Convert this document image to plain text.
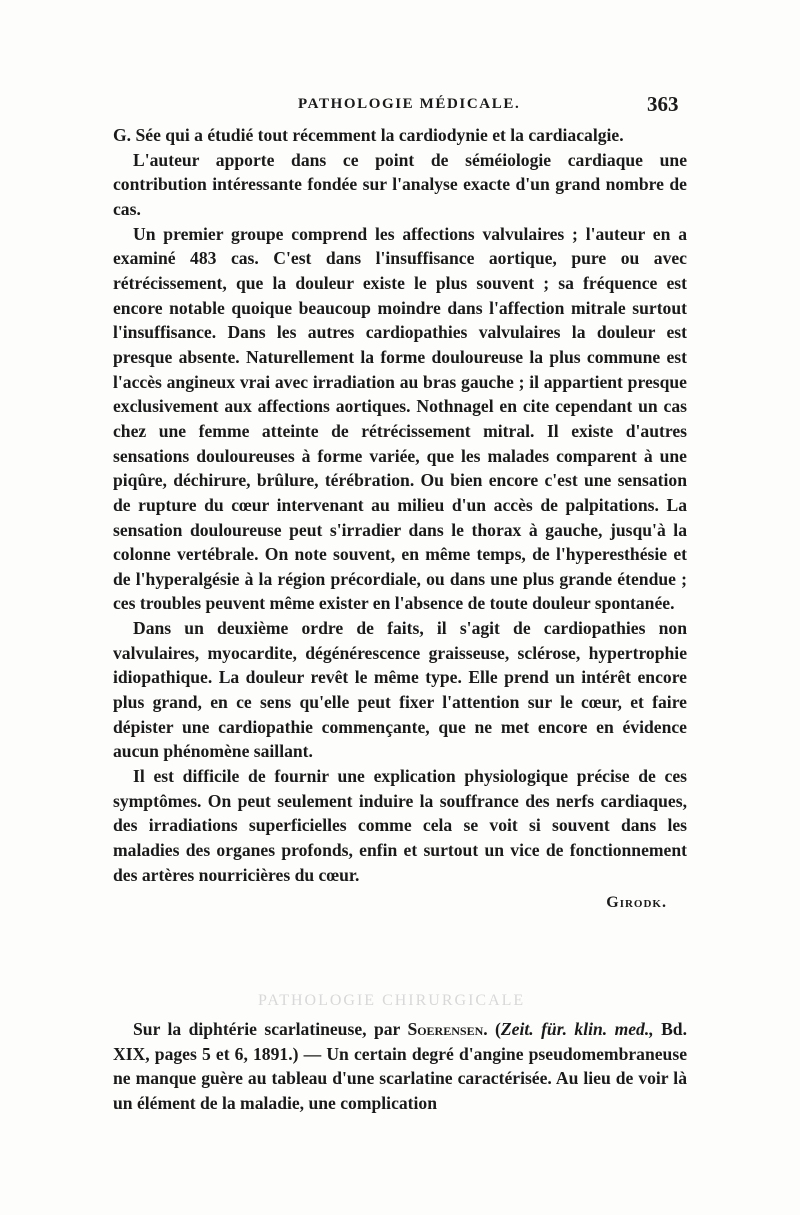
PATHOLOGIE MÉDICALE.	363

G. Sée qui a étudié tout récemment la cardiodynie et la cardiacalgie.

L'auteur apporte dans ce point de séméiologie cardiaque une contribution intéressante fondée sur l'analyse exacte d'un grand nombre de cas.

Un premier groupe comprend les affections valvulaires ; l'auteur en a examiné 483 cas. C'est dans l'insuffisance aortique, pure ou avec rétrécissement, que la douleur existe le plus souvent ; sa fréquence est encore notable quoique beaucoup moindre dans l'affection mitrale surtout l'insuffisance. Dans les autres cardiopathies valvulaires la douleur est presque absente. Naturellement la forme douloureuse la plus commune est l'accès angineux vrai avec irradiation au bras gauche ; il appartient presque exclusivement aux affections aortiques. Nothnagel en cite cependant un cas chez une femme atteinte de rétrécissement mitral. Il existe d'autres sensations douloureuses à forme variée, que les malades comparent à une piqûre, déchirure, brûlure, térébration. Ou bien encore c'est une sensation de rupture du cœur intervenant au milieu d'un accès de palpitations. La sensation douloureuse peut s'irradier dans le thorax à gauche, jusqu'à la colonne vertébrale. On note souvent, en même temps, de l'hyperesthésie et de l'hyperalgésie à la région précordiale, ou dans une plus grande étendue ; ces troubles peuvent même exister en l'absence de toute douleur spontanée.

Dans un deuxième ordre de faits, il s'agit de cardiopathies non valvulaires, myocardite, dégénérescence graisseuse, sclérose, hypertrophie idiopathique. La douleur revêt le même type. Elle prend un intérêt encore plus grand, en ce sens qu'elle peut fixer l'attention sur le cœur, et faire dépister une cardiopathie commençante, que ne met encore en évidence aucun phénomène saillant.

Il est difficile de fournir une explication physiologique précise de ces symptômes. On peut seulement induire la souffrance des nerfs cardiaques, des irradiations superficielles comme cela se voit si souvent dans les maladies des organes profonds, enfin et surtout un vice de fonctionnement des artères nourricières du cœur.

Girodk.
PATHOLOGIE CHIRURGICALE

Sur la diphtérie scarlatineuse, par Soerensen. (Zeit. für. klin. med., Bd. XIX, pages 5 et 6, 1891.) — Un certain degré d'angine pseudomembraneuse ne manque guère au tableau d'une scarlatine caractérisée. Au lieu de voir là un élément de la maladie, une complication
